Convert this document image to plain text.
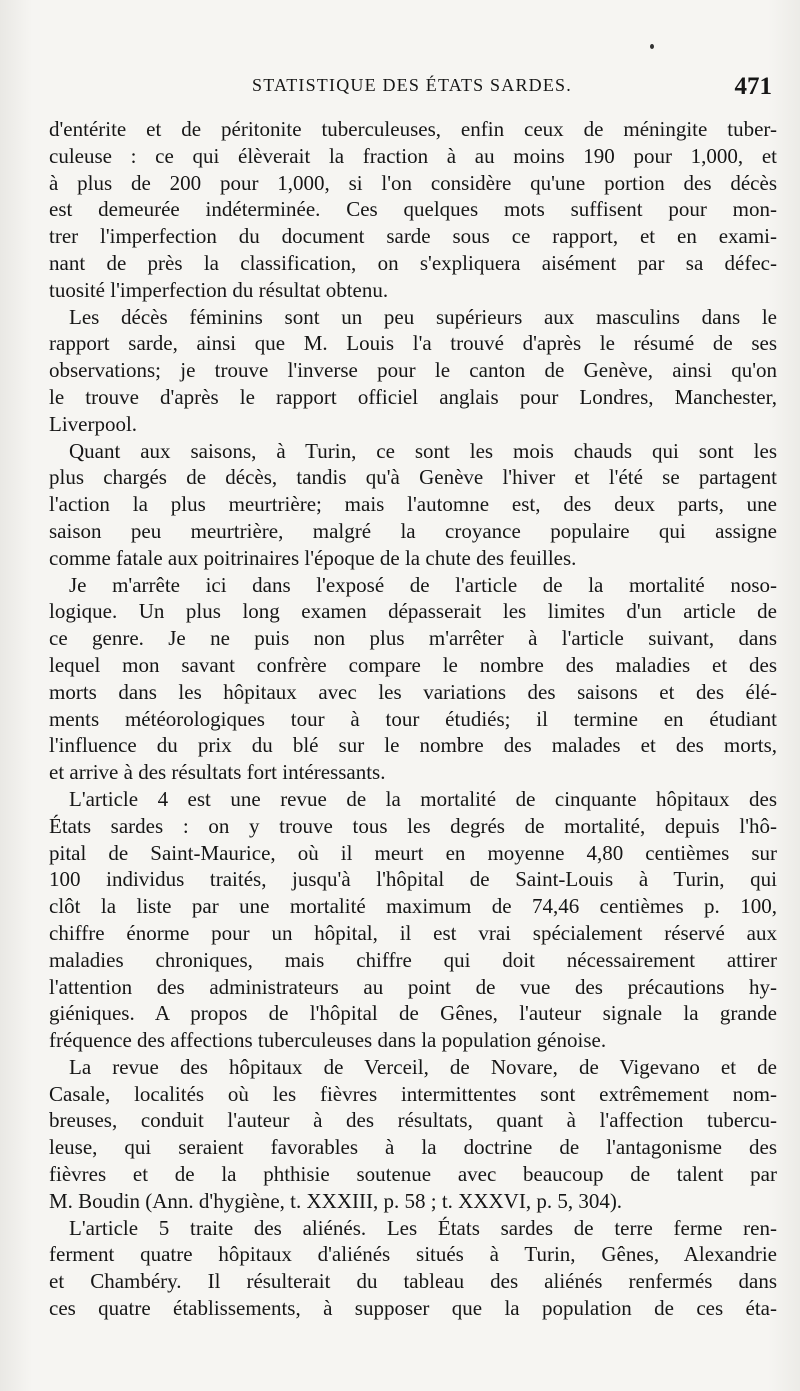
STATISTIQUE DES ÉTATS SARDES.	471
d'entérite et de péritonite tuberculeuses, enfin ceux de méningite tuber-
culeuse : ce qui élèverait la fraction à au moins 190 pour 1,000, et
à plus de 200 pour 1,000, si l'on considère qu'une portion des décès
est demeurée indéterminée. Ces quelques mots suffisent pour mon-
trer l'imperfection du document sarde sous ce rapport, et en exami-
nant de près la classification, on s'expliquera aisément par sa défec-
tuosité l'imperfection du résultat obtenu.
Les décès féminins sont un peu supérieurs aux masculins dans le
rapport sarde, ainsi que M. Louis l'a trouvé d'après le résumé de ses
observations; je trouve l'inverse pour le canton de Genève, ainsi qu'on
le trouve d'après le rapport officiel anglais pour Londres, Manchester,
Liverpool.
Quant aux saisons, à Turin, ce sont les mois chauds qui sont les
plus chargés de décès, tandis qu'à Genève l'hiver et l'été se partagent
l'action la plus meurtrière; mais l'automne est, des deux parts, une
saison peu meurtrière, malgré la croyance populaire qui assigne
comme fatale aux poitrinaires l'époque de la chute des feuilles.
Je m'arrête ici dans l'exposé de l'article de la mortalité noso-
logique. Un plus long examen dépasserait les limites d'un article de
ce genre. Je ne puis non plus m'arrêter à l'article suivant, dans
lequel mon savant confrère compare le nombre des maladies et des
morts dans les hôpitaux avec les variations des saisons et des élé-
ments météorologiques tour à tour étudiés; il termine en étudiant
l'influence du prix du blé sur le nombre des malades et des morts,
et arrive à des résultats fort intéressants.
L'article 4 est une revue de la mortalité de cinquante hôpitaux des
États sardes : on y trouve tous les degrés de mortalité, depuis l'hô-
pital de Saint-Maurice, où il meurt en moyenne 4,80 centièmes sur
100 individus traités, jusqu'à l'hôpital de Saint-Louis à Turin, qui
clôt la liste par une mortalité maximum de 74,46 centièmes p. 100,
chiffre énorme pour un hôpital, il est vrai spécialement réservé aux
maladies chroniques, mais chiffre qui doit nécessairement attirer
l'attention des administrateurs au point de vue des précautions hy-
giéniques. A propos de l'hôpital de Gênes, l'auteur signale la grande
fréquence des affections tuberculeuses dans la population génoise.
La revue des hôpitaux de Verceil, de Novare, de Vigevano et de
Casale, localités où les fièvres intermittentes sont extrêmement nom-
breuses, conduit l'auteur à des résultats, quant à l'affection tubercu-
leuse, qui seraient favorables à la doctrine de l'antagonisme des
fièvres et de la phthisie soutenue avec beaucoup de talent par
M. Boudin (Ann. d'hygiène, t. XXXIII, p. 58 ; t. XXXVI, p. 5, 304).
L'article 5 traite des aliénés. Les États sardes de terre ferme ren-
ferment quatre hôpitaux d'aliénés situés à Turin, Gênes, Alexandrie
et Chambéry. Il résulterait du tableau des aliénés renfermés dans
ces quatre établissements, à supposer que la population de ces éta-
